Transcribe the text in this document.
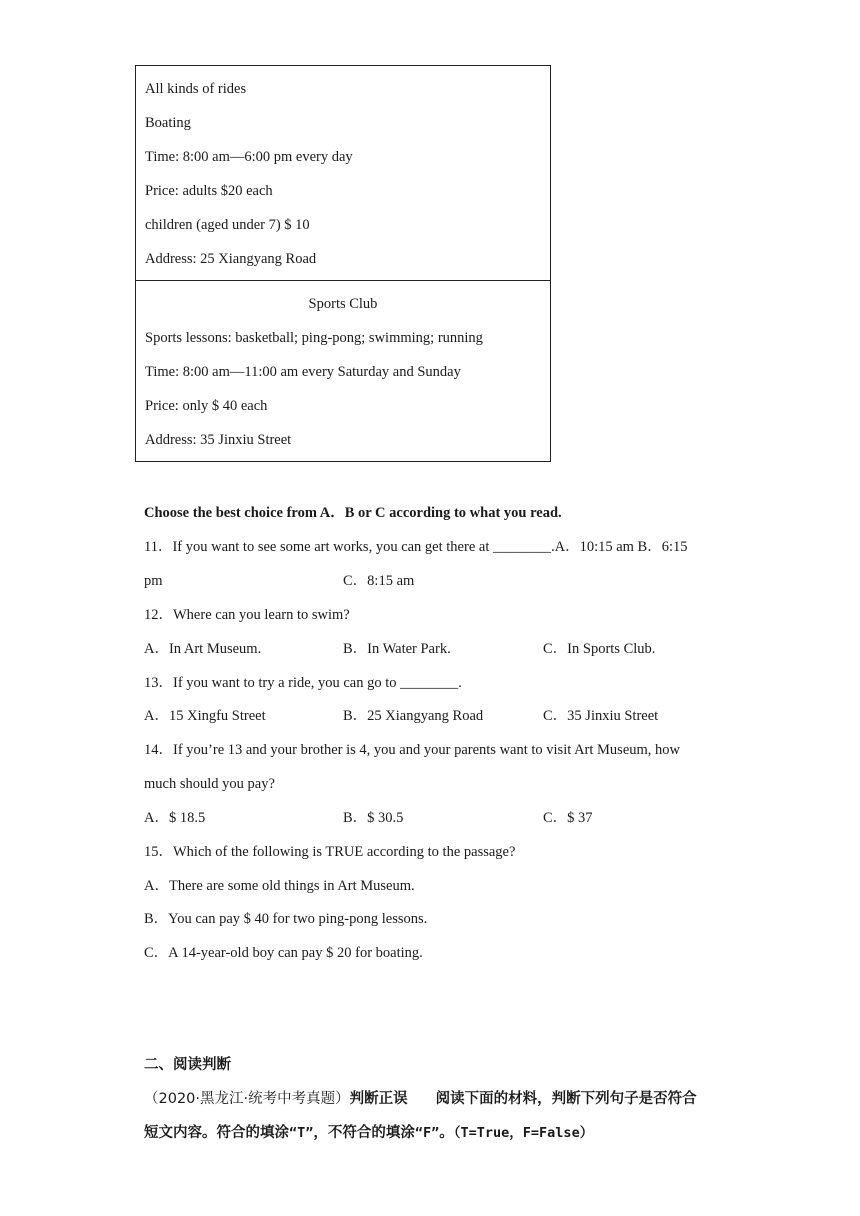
All kinds of rides
Boating
Time: 8:00 am—6:00 pm every day
Price: adults $20 each
children (aged under 7) $ 10
Address: 25 Xiangyang Road
Sports Club
Sports lessons: basketball; ping-pong; swimming; running
Time: 8:00 am—11:00 am every Saturday and Sunday
Price: only $ 40 each
Address: 35 Jinxiu Street
Choose the best choice from A．B or C according to what you read.
11．If you want to see some art works, you can get there at ________.A．10:15 am B．6:15
pm	C．8:15 am
12．Where can you learn to swim?
A．In Art Museum.	B．In Water Park.	C．In Sports Club.
13．If you want to try a ride, you can go to ________.
A．15 Xingfu Street	B．25 Xiangyang Road	C．35 Jinxiu Street
14．If you’re 13 and your brother is 4, you and your parents want to visit Art Museum, how
much should you pay?
A．$ 18.5	B．$ 30.5	C．$ 37
15．Which of the following is TRUE according to the passage?
A．There are some old things in Art Museum.
B．You can pay $ 40 for two ping-pong lessons.
C．A 14-year-old boy can pay $ 20 for boating.
二、阅读判断
（2020·黑龙江·统考中考真题）判断正误 阅读下面的材料，判断下列句子是否符合
短文内容。符合的填涂“T”，不符合的填涂“F”。（T=True，F=False）
